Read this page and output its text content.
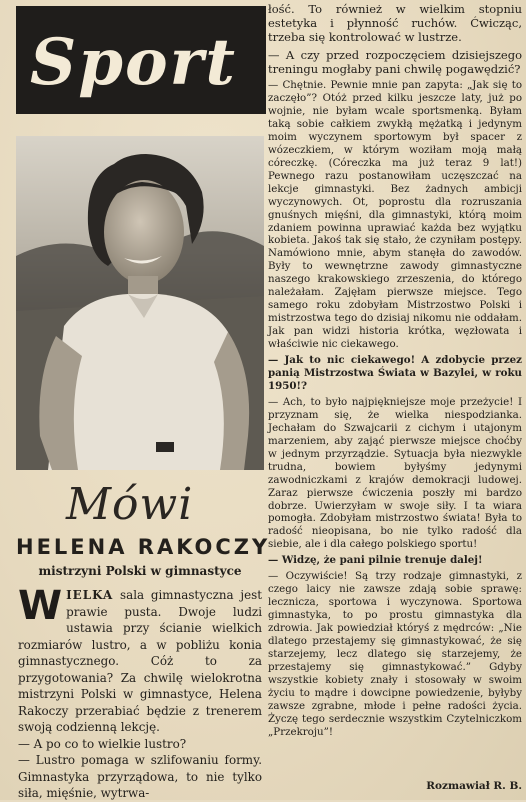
Sport
Mówi
HELENA RAKOCZY
mistrzyni Polski w gimnastyce

WIELKA sala gimnastyczna jest prawie pusta. Dwoje ludzi ustawia przy ścianie wielkich rozmiarów lustro, a w pobliżu konia gimnastycznego. Cóż to za przygotowania? Za chwilę wielokrotna mistrzyni Polski w gimnastyce, Helena Rakoczy przerabiać będzie z trenerem swoją codzienną lekcję.

— A po co to wielkie lustro?

— Lustro pomaga w szlifowaniu formy. Gimnastyka przyrządowa, to nie tylko siła, mięśnie, wytrwa-

łość. To również w wielkim stopniu estetyka i płynność ruchów. Ćwicząc, trzeba się kontrolować w lustrze.

— A czy przed rozpoczęciem dzisiejszego treningu mogłaby pani chwilę pogawędzić?

— Chętnie. Pewnie mnie pan zapyta: „Jak się to zaczęło”? Otóż przed kilku jeszcze laty, już po wojnie, nie byłam wcale sportsmenką. Byłam taką sobie całkiem zwykłą mężatką i jedynym moim wyczynem sportowym był spacer z wózeczkiem, w którym woziłam moją małą córeczkę. (Córeczka ma już teraz 9 lat!) Pewnego razu postanowiłam uczęszczać na lekcje gimnastyki. Bez żadnych ambicji wyczynowych. Ot, poprostu dla rozruszania gnuśnych mięśni, dla gimnastyki, którą moim zdaniem powinna uprawiać każda bez wyjątku kobieta. Jakoś tak się stało, że czyniłam postępy. Namówiono mnie, abym stanęła do zawodów. Były to wewnętrzne zawody gimnastyczne naszego krakowskiego zrzeszenia, do którego należałam. Zajęłam pierwsze miejsce. Tego samego roku zdobyłam Mistrzostwo Polski i mistrzostwa tego do dzisiaj nikomu nie oddałam. Jak pan widzi historia krótka, węzłowata i właściwie nic ciekawego.

— Jak to nic ciekawego! A zdobycie przez panią Mistrzostwa Świata w Bazylei, w roku 1950!?

— Ach, to było najpiękniejsze moje przeżycie! I przyznam się, że wielka niespodzianka. Jechałam do Szwajcarii z cichym i utajonym marzeniem, aby zająć pierwsze miejsce choćby w jednym przyrządzie. Sytuacja była niezwykle trudna, bowiem byłyśmy jedynymi zawodniczkami z krajów demokracji ludowej. Zaraz pierwsze ćwiczenia poszły mi bardzo dobrze. Uwierzyłam w swoje siły. I ta wiara pomogła. Zdobyłam mistrzostwo świata! Była to radość nieopisana, bo nie tylko radość dla siebie, ale i dla całego polskiego sportu!

— Widzę, że pani pilnie trenuje dalej!

— Oczywiście! Są trzy rodzaje gimnastyki, z czego laicy nie zawsze zdają sobie sprawę: lecznicza, sportowa i wyczynowa. Sportowa gimnastyka, to po prostu gimnastyka dla zdrowia. Jak powiedział któryś z mędrców: „Nie dlatego przestajemy się gimnastykować, że się starzejemy, lecz dlatego się starzejemy, że przestajemy się gimnastykować.” Gdyby wszystkie kobiety znały i stosowały w swoim życiu to mądre i dowcipne powiedzenie, byłyby zawsze zgrabne, młode i pełne radości życia. Życzę tego serdecznie wszystkim Czytelniczkom „Przekroju”!

Rozmawiał R. B.
